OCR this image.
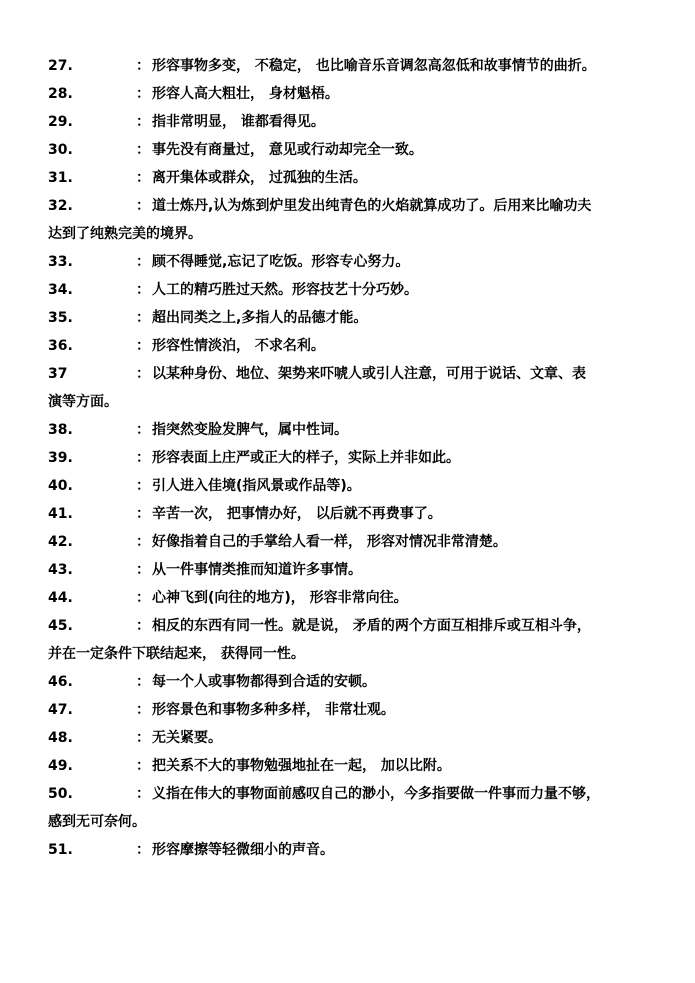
27.	： 形容事物多变， 不稳定， 也比喻音乐音调忽高忽低和故事情节的曲折。
28.	： 形容人高大粗壮， 身材魁梧。
29.	： 指非常明显， 谁都看得见。
30.	： 事先没有商量过， 意见或行动却完全一致。
31.	： 离开集体或群众， 过孤独的生活。
32.	： 道士炼丹,认为炼到炉里发出纯青色的火焰就算成功了。后用来比喻功夫
达到了纯熟完美的境界。
33.	： 顾不得睡觉,忘记了吃饭。形容专心努力。
34.	： 人工的精巧胜过天然。形容技艺十分巧妙。
35.	： 超出同类之上,多指人的品德才能。
36.	： 形容性情淡泊， 不求名利。
37	： 以某种身份、地位、架势来吓唬人或引人注意，可用于说话、文章、表
演等方面。
38.	： 指突然变脸发脾气，属中性词。
39.	： 形容表面上庄严或正大的样子，实际上并非如此。
40.	： 引人进入佳境(指风景或作品等)。
41.	： 辛苦一次， 把事情办好， 以后就不再费事了。
42.	： 好像指着自己的手掌给人看一样， 形容对情况非常清楚。
43.	： 从一件事情类推而知道许多事情。
44.	： 心神飞到(向往的地方)， 形容非常向往。
45.	： 相反的东西有同一性。就是说， 矛盾的两个方面互相排斥或互相斗争，
并在一定条件下联结起来， 获得同一性。
46.	： 每一个人或事物都得到合适的安顿。
47.	： 形容景色和事物多种多样， 非常壮观。
48.	： 无关紧要。
49.	： 把关系不大的事物勉强地扯在一起， 加以比附。
50.	： 义指在伟大的事物面前感叹自己的渺小，今多指要做一件事而力量不够，
感到无可奈何。
51.	： 形容摩擦等轻微细小的声音。
